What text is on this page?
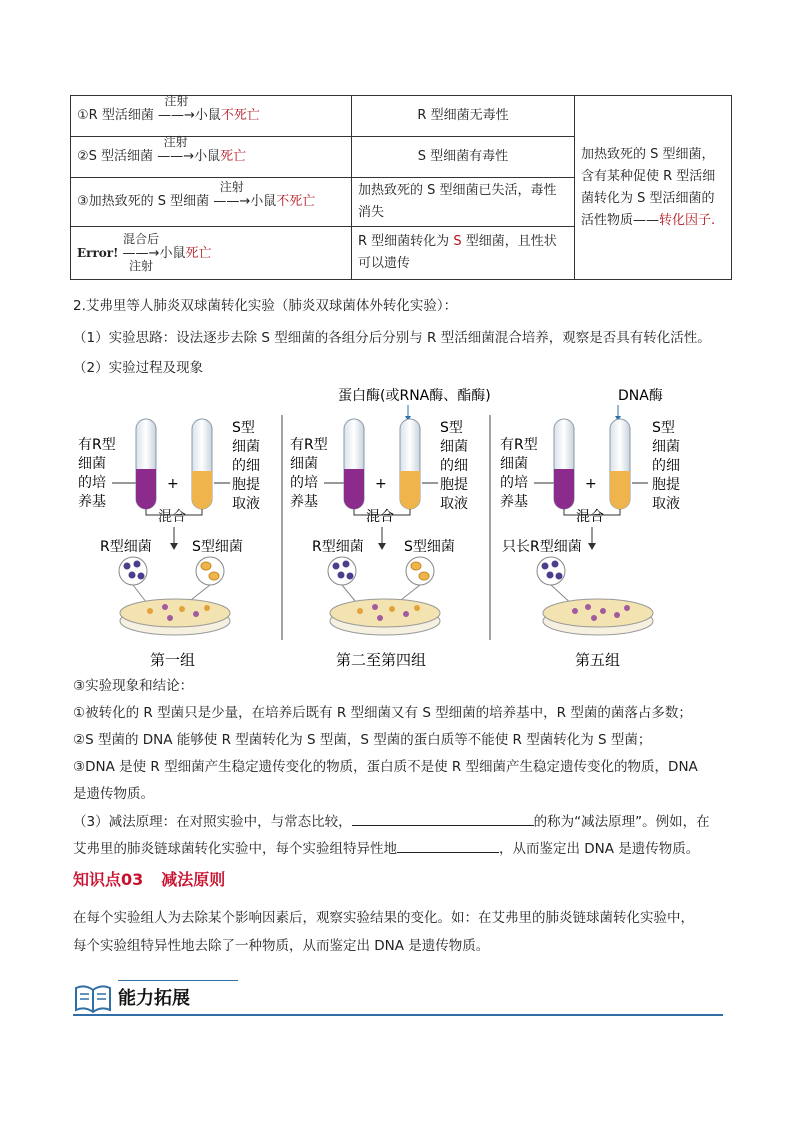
①R 型活细菌
注射
——→小鼠不死亡	R 型细菌无毒性	加热致死的 S 型细菌，含有某种促使 R 型活细菌转化为 S 型活细菌的活性物质——转化因子.
②S 型活细菌
注射
——→小鼠死亡	S 型细菌有毒性	
③加热致死的 S 型细菌
注射
——→小鼠不死亡	加热致死的 S 型细菌已失活，毒性消失	
Error!
混合后
——→
注射
小鼠死亡	R 型细菌转化为 S 型细菌，且性状可以遗传	
2.艾弗里等人肺炎双球菌转化实验（肺炎双球菌体外转化实验）：
（1）实验思路：设法逐步去除 S 型细菌的各组分后分别与 R 型活细菌混合培养，观察是否具有转化活性。
（2）实验过程及现象
有R型
细菌
的培
养基
+
S型
细菌
的细
胞提
取液
混合
R型细菌	S型细菌
第一组
蛋白酶(或RNA酶、酯酶)
有R型
细菌
的培
养基
+
S型
细菌
的细
胞提
取液
混合
R型细菌	S型细菌
第二至第四组
DNA酶
有R型
细菌
的培
养基
+
S型
细菌
的细
胞提
取液
混合
只长R型细菌
第五组
③实验现象和结论：
①被转化的 R 型菌只是少量，在培养后既有 R 型细菌又有 S 型细菌的培养基中，R 型菌的菌落占多数；
②S 型菌的 DNA 能够使 R 型菌转化为 S 型菌，S 型菌的蛋白质等不能使 R 型菌转化为 S 型菌；
③DNA 是使 R 型细菌产生稳定遗传变化的物质，蛋白质不是使 R 型细菌产生稳定遗传变化的物质，DNA
是遗传物质。
（3）减法原理：在对照实验中，与常态比较，	的称为“减法原理”。例如，在
艾弗里的肺炎链球菌转化实验中，每个实验组特异性地	，从而鉴定出 DNA 是遗传物质。
知识点03 减法原则
在每个实验组人为去除某个影响因素后，观察实验结果的变化。如：在艾弗里的肺炎链球菌转化实验中，
每个实验组特异性地去除了一种物质，从而鉴定出 DNA 是遗传物质。
能力拓展
